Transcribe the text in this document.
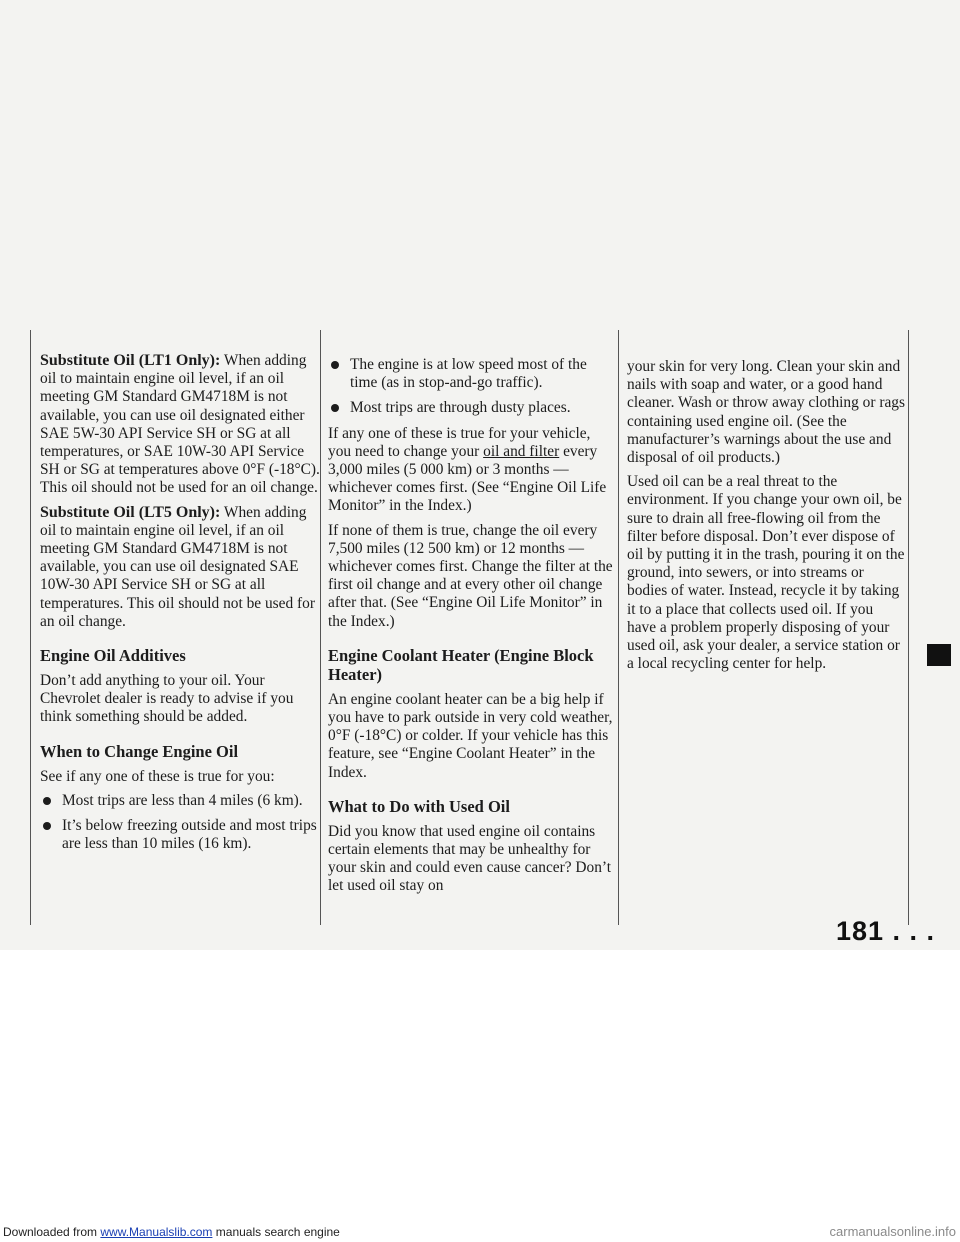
Substitute Oil (LT1 Only): When adding oil to maintain engine oil level, if an oil meeting GM Standard GM4718M is not available, you can use oil designated either SAE 5W-30 API Service SH or SG at all temperatures, or SAE 10W-30 API Service SH or SG at temperatures above 0°F (-18°C). This oil should not be used for an oil change.

Substitute Oil (LT5 Only): When adding oil to maintain engine oil level, if an oil meeting GM Standard GM4718M is not available, you can use oil designated SAE 10W-30 API Service SH or SG at all temperatures. This oil should not be used for an oil change.

Engine Oil Additives

Don’t add anything to your oil. Your Chevrolet dealer is ready to advise if you think something should be added.

When to Change Engine Oil

See if any one of these is true for you:

Most trips are less than 4 miles (6 km).
It’s below freezing outside and most trips are less than 10 miles (16 km).
The engine is at low speed most of the time (as in stop-and-go traffic).
Most trips are through dusty places.

If any one of these is true for your vehicle, you need to change your oil and filter every 3,000 miles (5 000 km) or 3 months — whichever comes first. (See “Engine Oil Life Monitor” in the Index.)

If none of them is true, change the oil every 7,500 miles (12 500 km) or 12 months — whichever comes first. Change the filter at the first oil change and at every other oil change after that. (See “Engine Oil Life Monitor” in the Index.)

Engine Coolant Heater (Engine Block Heater)

An engine coolant heater can be a big help if you have to park outside in very cold weather, 0°F (-18°C) or colder. If your vehicle has this feature, see “Engine Coolant Heater” in the Index.

What to Do with Used Oil

Did you know that used engine oil contains certain elements that may be unhealthy for your skin and could even cause cancer? Don’t let used oil stay on

your skin for very long. Clean your skin and nails with soap and water, or a good hand cleaner. Wash or throw away clothing or rags containing used engine oil. (See the manufacturer’s warnings about the use and disposal of oil products.)

Used oil can be a real threat to the environment. If you change your own oil, be sure to drain all free-flowing oil from the filter before disposal. Don’t ever dispose of oil by putting it in the trash, pouring it on the ground, into sewers, or into streams or bodies of water. Instead, recycle it by taking it to a place that collects used oil. If you have a problem properly disposing of your used oil, ask your dealer, a service station or a local recycling center for help.

181 . . .
Downloaded from www.Manualslib.com manuals search engine	carmanualsonline.info
